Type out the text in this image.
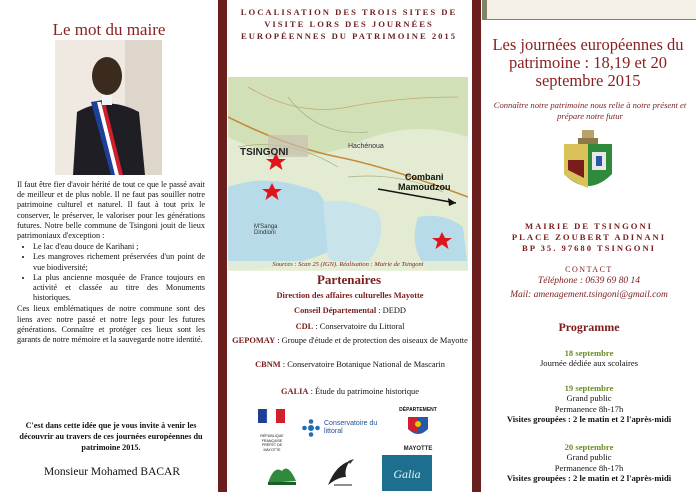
Le mot du maire

Il faut être fier d'avoir hérité de tout ce que le passé avait de meilleur et de plus noble. Il ne faut pas souiller notre patrimoine culturel et naturel. Il faut à tout prix le conserver, le préserver, le valoriser pour les générations futures. Notre belle commune de Tsingoni jouit de lieux patrimoniaux d'exception :

• Le lac d'eau douce de Karihani ;
• Les mangroves richement préservées d'un point de vue biodiversité;
• La plus ancienne mosquée de France toujours en activité et classée au titre des Monuments historiques.

Ces lieux emblématiques de notre commune sont des liens avec notre passé et notre legs pour les futures générations. Connaître et protéger ces lieux sont les garants de notre mémoire et la sauvegarde notre identité.

C'est dans cette idée que je vous invite à venir les découvrir au travers de ces journées européennes du patrimoine 2015.
Monsieur Mohamed BACAR
LOCALISATION DES TROIS SITES DE VISITE LORS DES JOURNÉES EUROPÉENNES DU PATRIMOINE 2015
TSINGONI
Hachénoua
Combani
Mamoudzou
M'Sanga Dindioni
Sources : Scan 25 (IGN). Réalisation : Mairie de Tsingoni
Partenaires
Direction des affaires culturelles Mayotte
Conseil Départemental : DEDD
CDL : Conservatoire du Littoral
GEPOMAY : Groupe d'étude et de protection des oiseaux de Mayotte
CBNM : Conservatoire Botanique National de Mascarin
GALIA : Étude du patrimoine historique
RÉPUBLIQUE FRANÇAISE
PRÉFET DE MAYOTTE
Conservatoire du littoral
DÉPARTEMENT
MAYOTTE
Galia
Les journées européennes du patrimoine : 18,19 et 20 septembre 2015
Connaître notre patrimoine nous relie à notre présent et prépare notre futur
MAIRIE DE TSINGONI
PLACE ZOUBERT ADINANI
BP 35. 97680 TSINGONI
CONTACT
Téléphone : 0639 69 80 14
Mail: amenagement.tsingoni@gmail.com
Programme
18 septembre
Journée dédiée aux scolaires
19 septembre
Grand public
Permanence 8h-17h
Visites groupées : 2 le matin et 2 l'après-midi
20 septembre
Grand public
Permanence 8h-17h
Visites groupées : 2 le matin et 2 l'après-midi
